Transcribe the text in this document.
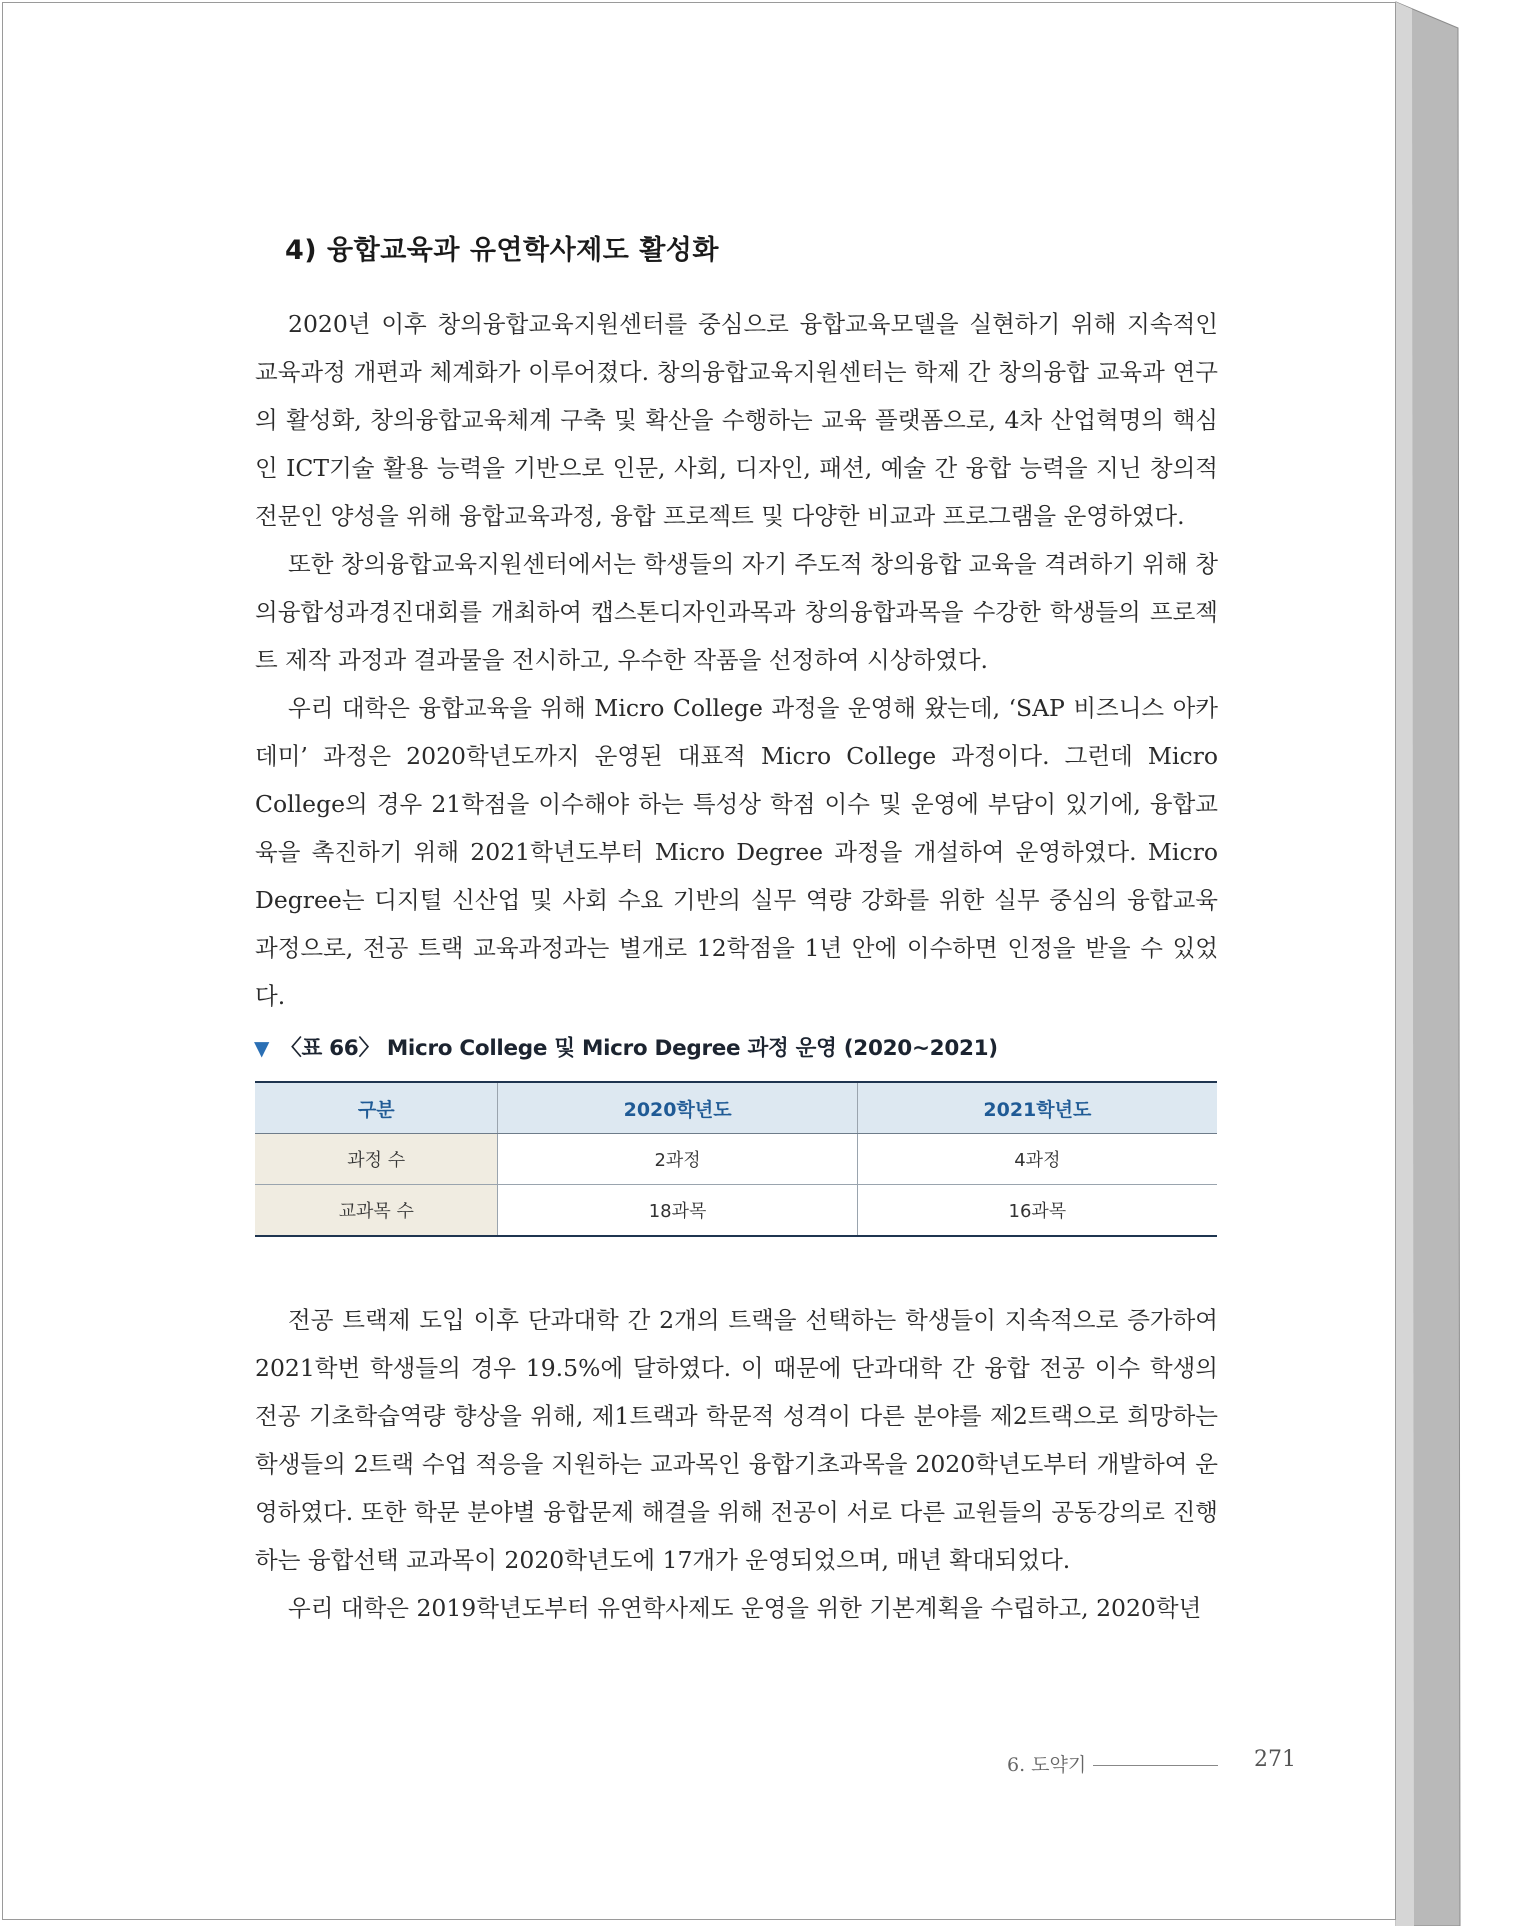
4) 융합교육과 유연학사제도 활성화

2020년 이후 창의융합교육지원센터를 중심으로 융합교육모델을 실현하기 위해 지속적인 교육과정 개편과 체계화가 이루어졌다. 창의융합교육지원센터는 학제 간 창의융합 교육과 연구의 활성화, 창의융합교육체계 구축 및 확산을 수행하는 교육 플랫폼으로, 4차 산업혁명의 핵심인 ICT기술 활용 능력을 기반으로 인문, 사회, 디자인, 패션, 예술 간 융합 능력을 지닌 창의적 전문인 양성을 위해 융합교육과정, 융합 프로젝트 및 다양한 비교과 프로그램을 운영하였다.

또한 창의융합교육지원센터에서는 학생들의 자기 주도적 창의융합 교육을 격려하기 위해 창의융합성과경진대회를 개최하여 캡스톤디자인과목과 창의융합과목을 수강한 학생들의 프로젝트 제작 과정과 결과물을 전시하고, 우수한 작품을 선정하여 시상하였다.

우리 대학은 융합교육을 위해 Micro College 과정을 운영해 왔는데, ‘SAP 비즈니스 아카데미’ 과정은 2020학년도까지 운영된 대표적 Micro College 과정이다. 그런데 Micro College의 경우 21학점을 이수해야 하는 특성상 학점 이수 및 운영에 부담이 있기에, 융합교육을 촉진하기 위해 2021학년도부터 Micro Degree 과정을 개설하여 운영하였다. Micro Degree는 디지털 신산업 및 사회 수요 기반의 실무 역량 강화를 위한 실무 중심의 융합교육 과정으로, 전공 트랙 교육과정과는 별개로 12학점을 1년 안에 이수하면 인정을 받을 수 있었다.

▼ 〈표 66〉 Micro College 및 Micro Degree 과정 운영 (2020~2021)
구분	2020학년도	2021학년도
과정 수	2과정	4과정
교과목 수	18과목	16과목

전공 트랙제 도입 이후 단과대학 간 2개의 트랙을 선택하는 학생들이 지속적으로 증가하여 2021학번 학생들의 경우 19.5%에 달하였다. 이 때문에 단과대학 간 융합 전공 이수 학생의 전공 기초학습역량 향상을 위해, 제1트랙과 학문적 성격이 다른 분야를 제2트랙으로 희망하는 학생들의 2트랙 수업 적응을 지원하는 교과목인 융합기초과목을 2020학년도부터 개발하여 운영하였다. 또한 학문 분야별 융합문제 해결을 위해 전공이 서로 다른 교원들의 공동강의로 진행하는 융합선택 교과목이 2020학년도에 17개가 운영되었으며, 매년 확대되었다.

우리 대학은 2019학년도부터 유연학사제도 운영을 위한 기본계획을 수립하고, 2020학년

6. 도약기	271
